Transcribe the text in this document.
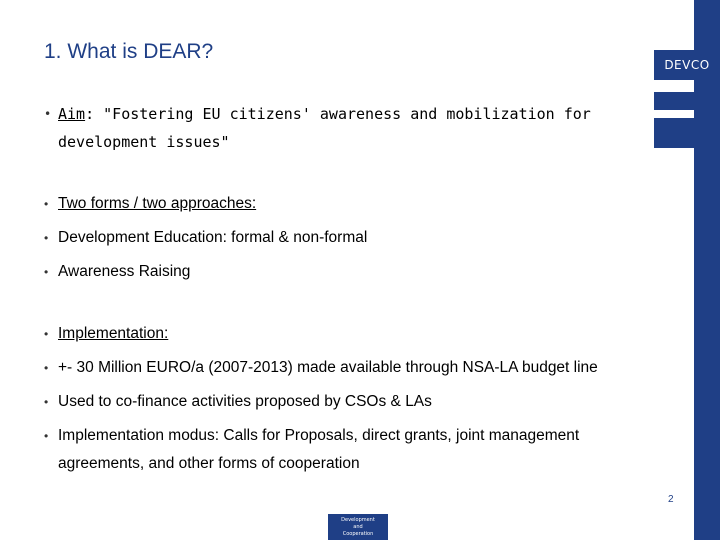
DEVCO
1. What is DEAR?

• Aim: "Fostering EU citizens' awareness and mobilization for development issues"

• Two forms / two approaches:

• Development Education: formal & non-formal

• Awareness Raising

• Implementation:

• +- 30 Million EURO/a (2007-2013) made available through NSA-LA budget line

• Used to co-finance activities proposed by CSOs & LAs

• Implementation modus: Calls for Proposals, direct grants, joint management agreements, and other forms of cooperation

2
Development
and
Cooperation
